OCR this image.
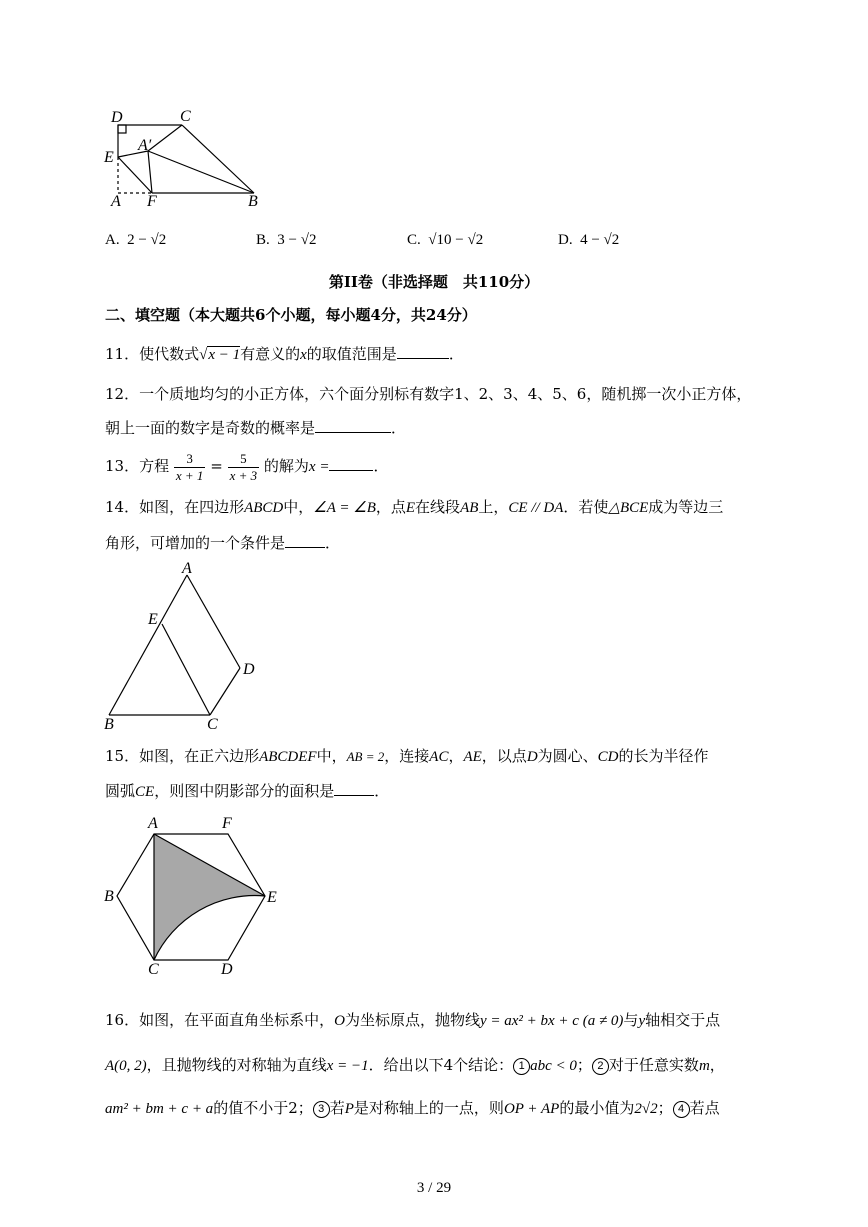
D	C
A′
E
A F	B
A. 2 − √2	B. 3 − √2	C. √10 − √2	D. 4 − √2
第II卷（非选择题　共110分）
二、填空题（本大题共6个小题，每小题4分，共24分）
11．使代数式√x − 1有意义的x的取值范围是	．
12．一个质地均匀的小正方体，六个面分别标有数字1、2、3、4、5、6，随机掷一次小正方体，
朝上一面的数字是奇数的概率是	．
13．方程 $\frac{3}{x + 1} = \frac{5}{x + 3}$ 的解为x =	．
14．如图，在四边形ABCD中，∠A = ∠B，点E在线段AB上，CE // DA．若使△BCE成为等边三
角形，可增加的一个条件是	．
A
E
D
B	C
15．如图，在正六边形ABCDEF中，AB = 2，连接AC，AE，以点D为圆心、CD的长为半径作
圆弧CE，则图中阴影部分的面积是	．
A	F
B	E
C	D
16．如图，在平面直角坐标系中，O为坐标原点，抛物线y = ax² + bx + c (a ≠ 0)与y轴相交于点
A(0, 2)，且抛物线的对称轴为直线x = −1．给出以下4个结论： 1 abc < 0； 2 对于任意实数m，
am² + bm + c + a的值不小于2； 3 若P是对称轴上的一点，则OP + AP的最小值为2√2； 4 若点
3 / 29
